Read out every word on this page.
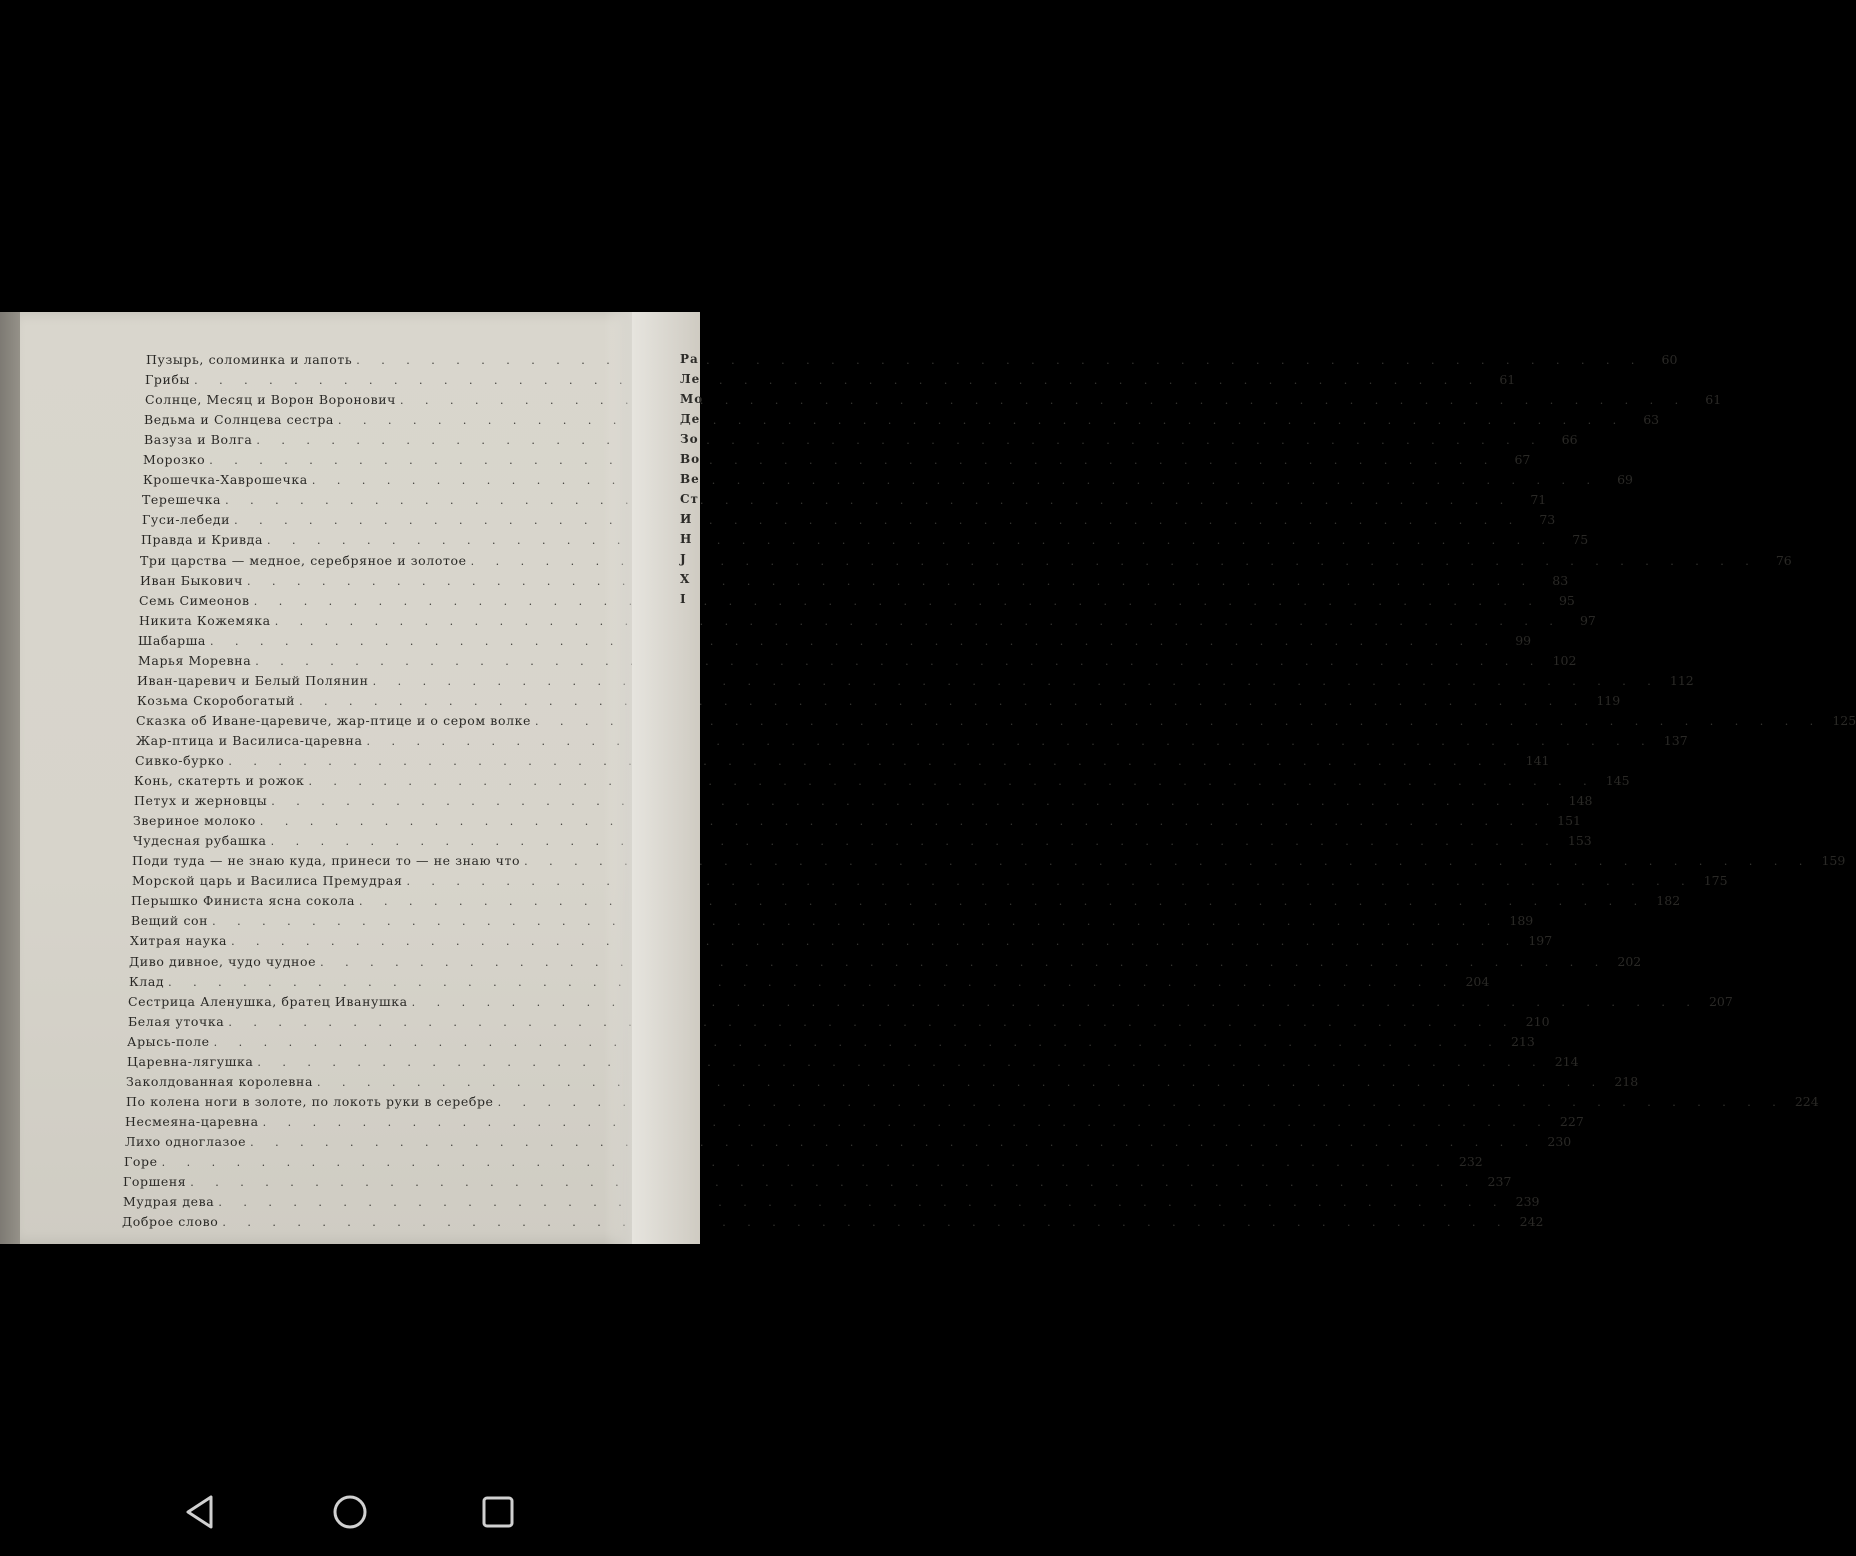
Пузырь, соломинка и лапоть . . .	60
Грибы . . .	61
Солнце, Месяц и Ворон Воронович . . .	61
Ведьма и Солнцева сестра . . .	63
Вазуза и Волга . . .	66
Морозко . . .	67
Крошечка-Хаврошечка . . .	69
Терешечка . . .	71
Гуси-лебеди . . .	73
Правда и Кривда . . .	75
Три царства — медное, серебряное и золотое . . .	76
Иван Быкович . . .	83
Семь Симеонов . . .	95
Никита Кожемяка . . .	97
Шабарша . . .	99
Марья Моревна . . .	102
Иван-царевич и Белый Полянин . . .	112
Козьма Скоробогатый . . .	119
Сказка об Иване-царевиче, жар-птице и о сером волке . . .	125
Жар-птица и Василиса-царевна . . .	137
Сивко-бурко . . .	141
Конь, скатерть и рожок . . .	145
Петух и жерновцы . . .	148
Звериное молоко . . .	151
Чудесная рубашка . . .	153
Поди туда — не знаю куда, принеси то — не знаю что . . .	159
Морской царь и Василиса Премудрая . . .	175
Перышко Финиста ясна сокола . . .	182
Вещий сон . . .	189
Хитрая наука . . .	197
Диво дивное, чудо чудное . . .	202
Клад . . .	204
Сестрица Аленушка, братец Иванушка . . .	207
Белая уточка . . .	210
Арысь-поле . . .	213
Царевна-лягушка . . .	214
Заколдованная королевна . . .	218
По колена ноги в золоте, по локоть руки в серебре . . .	224
Несмеяна-царевна . . .	227
Лихо одноглазое . . .	230
Горе . . .	232
Горшеня . . .	237
Мудрая дева . . .	239
Доброе слово . . .	242
Ра
Ле
Мо
Де
Зо
Во
Ве
Ст
И
Н
Ј
Х
І
